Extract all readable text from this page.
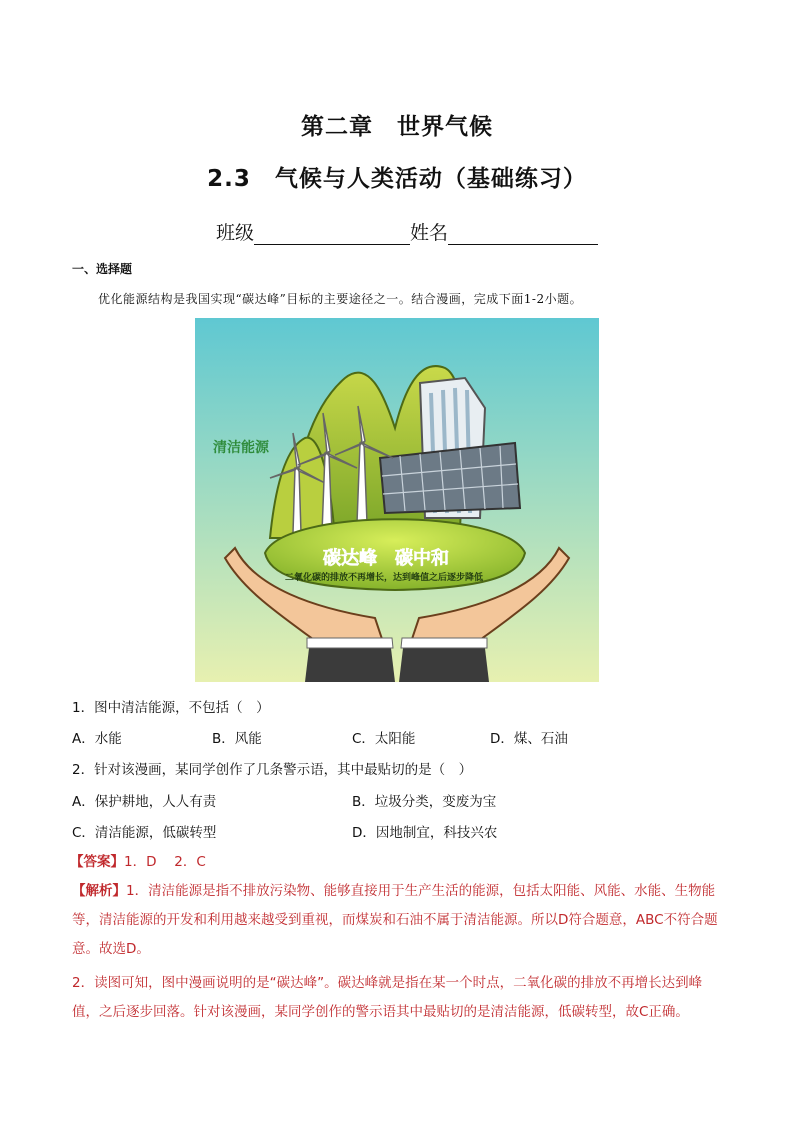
第二章　世界气候
2.3　气候与人类活动（基础练习）
班级	姓名
一、选择题
优化能源结构是我国实现“碳达峰”目标的主要途径之一。结合漫画，完成下面1-2小题。
清洁能源
碳达峰　碳中和
二氧化碳的排放不再增长，达到峰值之后逐步降低
1．图中清洁能源，不包括（　）
A．水能	B．风能	C．太阳能	D．煤、石油
2．针对该漫画，某同学创作了几条警示语，其中最贴切的是（　）
A．保护耕地，人人有责	B．垃圾分类，变废为宝
C．清洁能源，低碳转型	D．因地制宜，科技兴农
【答案】1．D　 2．C
【解析】1．清洁能源是指不排放污染物、能够直接用于生产生活的能源，包括太阳能、风能、水能、生物能等，清洁能源的开发和利用越来越受到重视，而煤炭和石油不属于清洁能源。所以D符合题意，ABC不符合题意。故选D。
2．读图可知，图中漫画说明的是“碳达峰”。碳达峰就是指在某一个时点，二氧化碳的排放不再增长达到峰值，之后逐步回落。针对该漫画，某同学创作的警示语其中最贴切的是清洁能源，低碳转型，故C正确。
